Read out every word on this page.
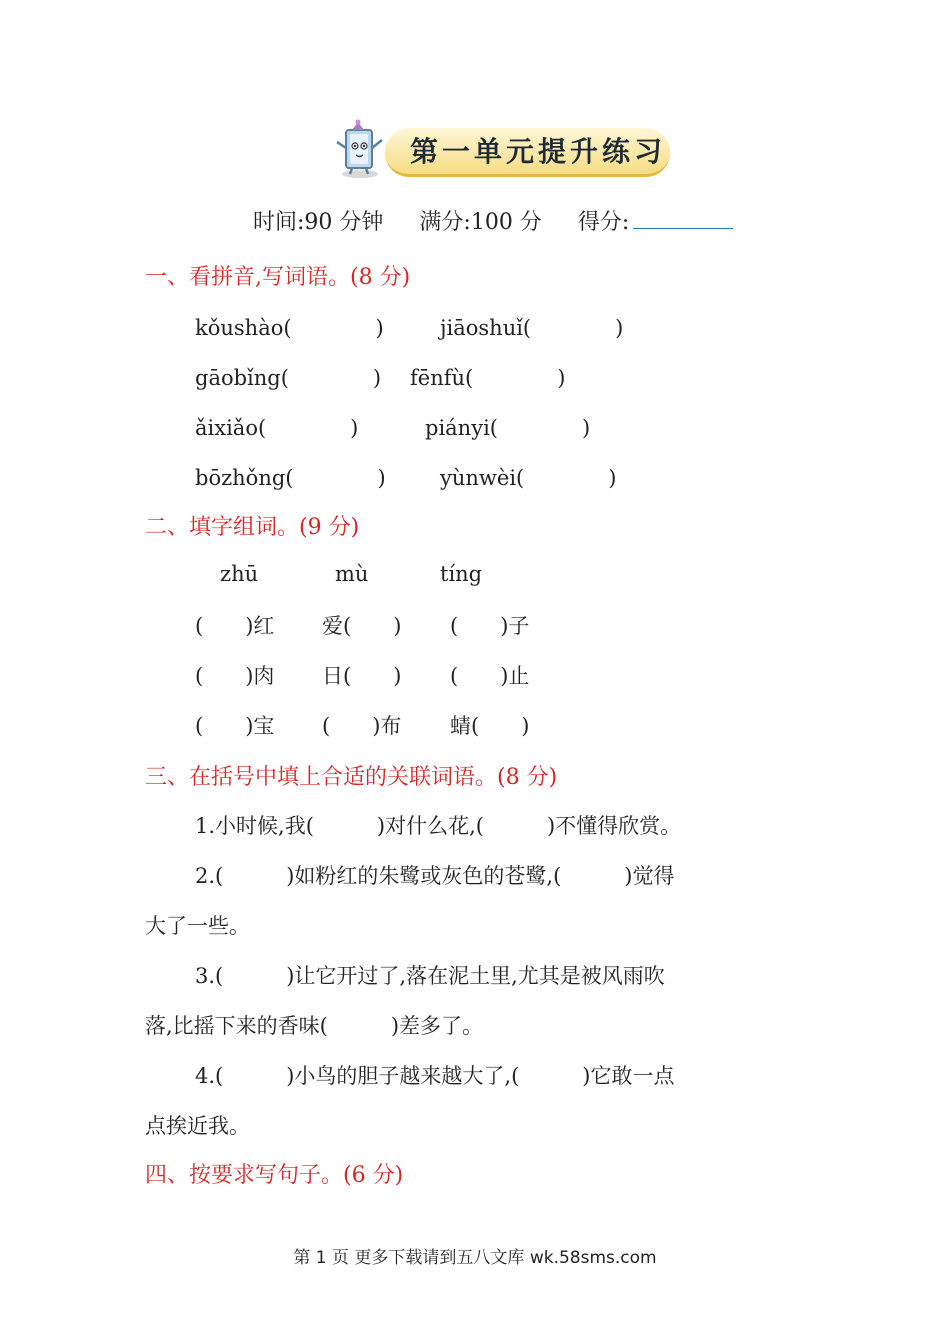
第一单元提升练习
时间:90 分钟 满分:100 分 得分:
一、看拼音,写词语。(8 分)
kǒushào(　　　　)	jiāoshuǐ(　　　　)
gāobǐng(　　　　) fēnfù(　　　　)
ǎixiǎo(　　　　)	piányi(　　　　)
bōzhǒng(　　　　)	yùnwèi(　　　　)
二、填字组词。(9 分)
zhū	mù	tíng
(　　)红 爱(　　) (　　)子
(　　)肉 日(　　) (　　)止
(　　)宝 (　　)布 蜻(　　)
三、在括号中填上合适的关联词语。(8 分)
1.小时候,我(　　　)对什么花,(　　　)不懂得欣赏。
2.(　　　)如粉红的朱鹭或灰色的苍鹭,(　　　)觉得
大了一些。
3.(　　　)让它开过了,落在泥土里,尤其是被风雨吹
落,比摇下来的香味(　　　)差多了。
4.(　　　)小鸟的胆子越来越大了,(　　　)它敢一点
点挨近我。
四、按要求写句子。(6 分)
第 1 页 更多下载请到五八文库 wk.58sms.com
